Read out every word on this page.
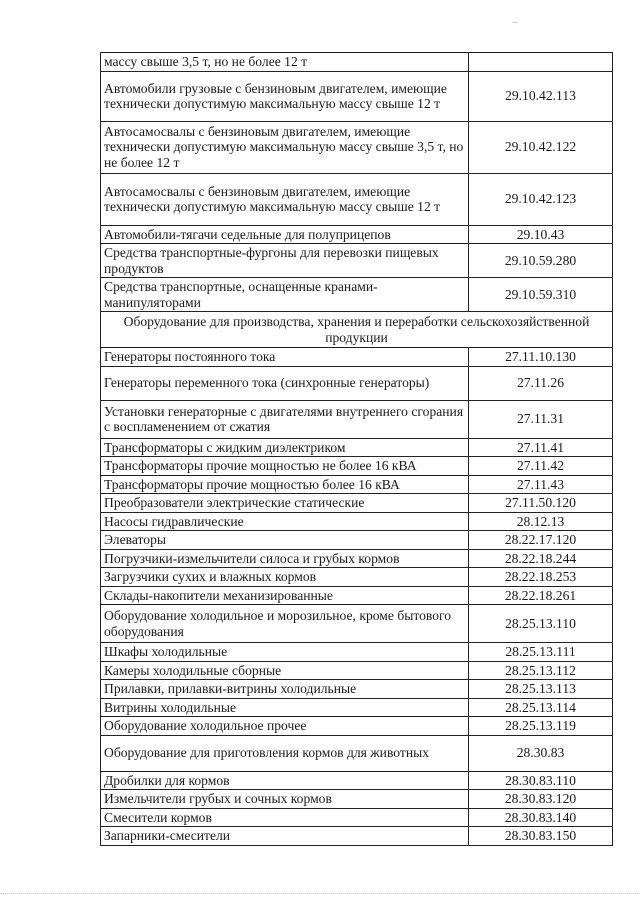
массу свыше 3,5 т, но не более 12 т	
Автомобили грузовые с бензиновым двигателем, имеющие технически допустимую максимальную массу свыше 12 т	29.10.42.113
Автосамосвалы с бензиновым двигателем, имеющие технически допустимую максимальную массу свыше 3,5 т, но не более 12 т	29.10.42.122
Автосамосвалы с бензиновым двигателем, имеющие технически допустимую максимальную массу свыше 12 т	29.10.42.123
Автомобили-тягачи седельные для полуприцепов	29.10.43
Средства транспортные-фургоны для перевозки пищевых продуктов	29.10.59.280
Средства транспортные, оснащенные кранами-манипуляторами	29.10.59.310
Оборудование для производства, хранения и переработки сельскохозяйственной продукции	
Генераторы постоянного тока	27.11.10.130
Генераторы переменного тока (синхронные генераторы)	27.11.26
Установки генераторные с двигателями внутреннего сгорания с воспламенением от сжатия	27.11.31
Трансформаторы с жидким диэлектриком	27.11.41
Трансформаторы прочие мощностью не более 16 кВА	27.11.42
Трансформаторы прочие мощностью более 16 кВА	27.11.43
Преобразователи электрические статические	27.11.50.120
Насосы гидравлические	28.12.13
Элеваторы	28.22.17.120
Погрузчики-измельчители силоса и грубых кормов	28.22.18.244
Загрузчики сухих и влажных кормов	28.22.18.253
Склады-накопители механизированные	28.22.18.261
Оборудование холодильное и морозильное, кроме бытового оборудования	28.25.13.110
Шкафы холодильные	28.25.13.111
Камеры холодильные сборные	28.25.13.112
Прилавки, прилавки-витрины холодильные	28.25.13.113
Витрины холодильные	28.25.13.114
Оборудование холодильное прочее	28.25.13.119
Оборудование для приготовления кормов для животных	28.30.83
Дробилки для кормов	28.30.83.110
Измельчители грубых и сочных кормов	28.30.83.120
Смесители кормов	28.30.83.140
Запарники-смесители	28.30.83.150
